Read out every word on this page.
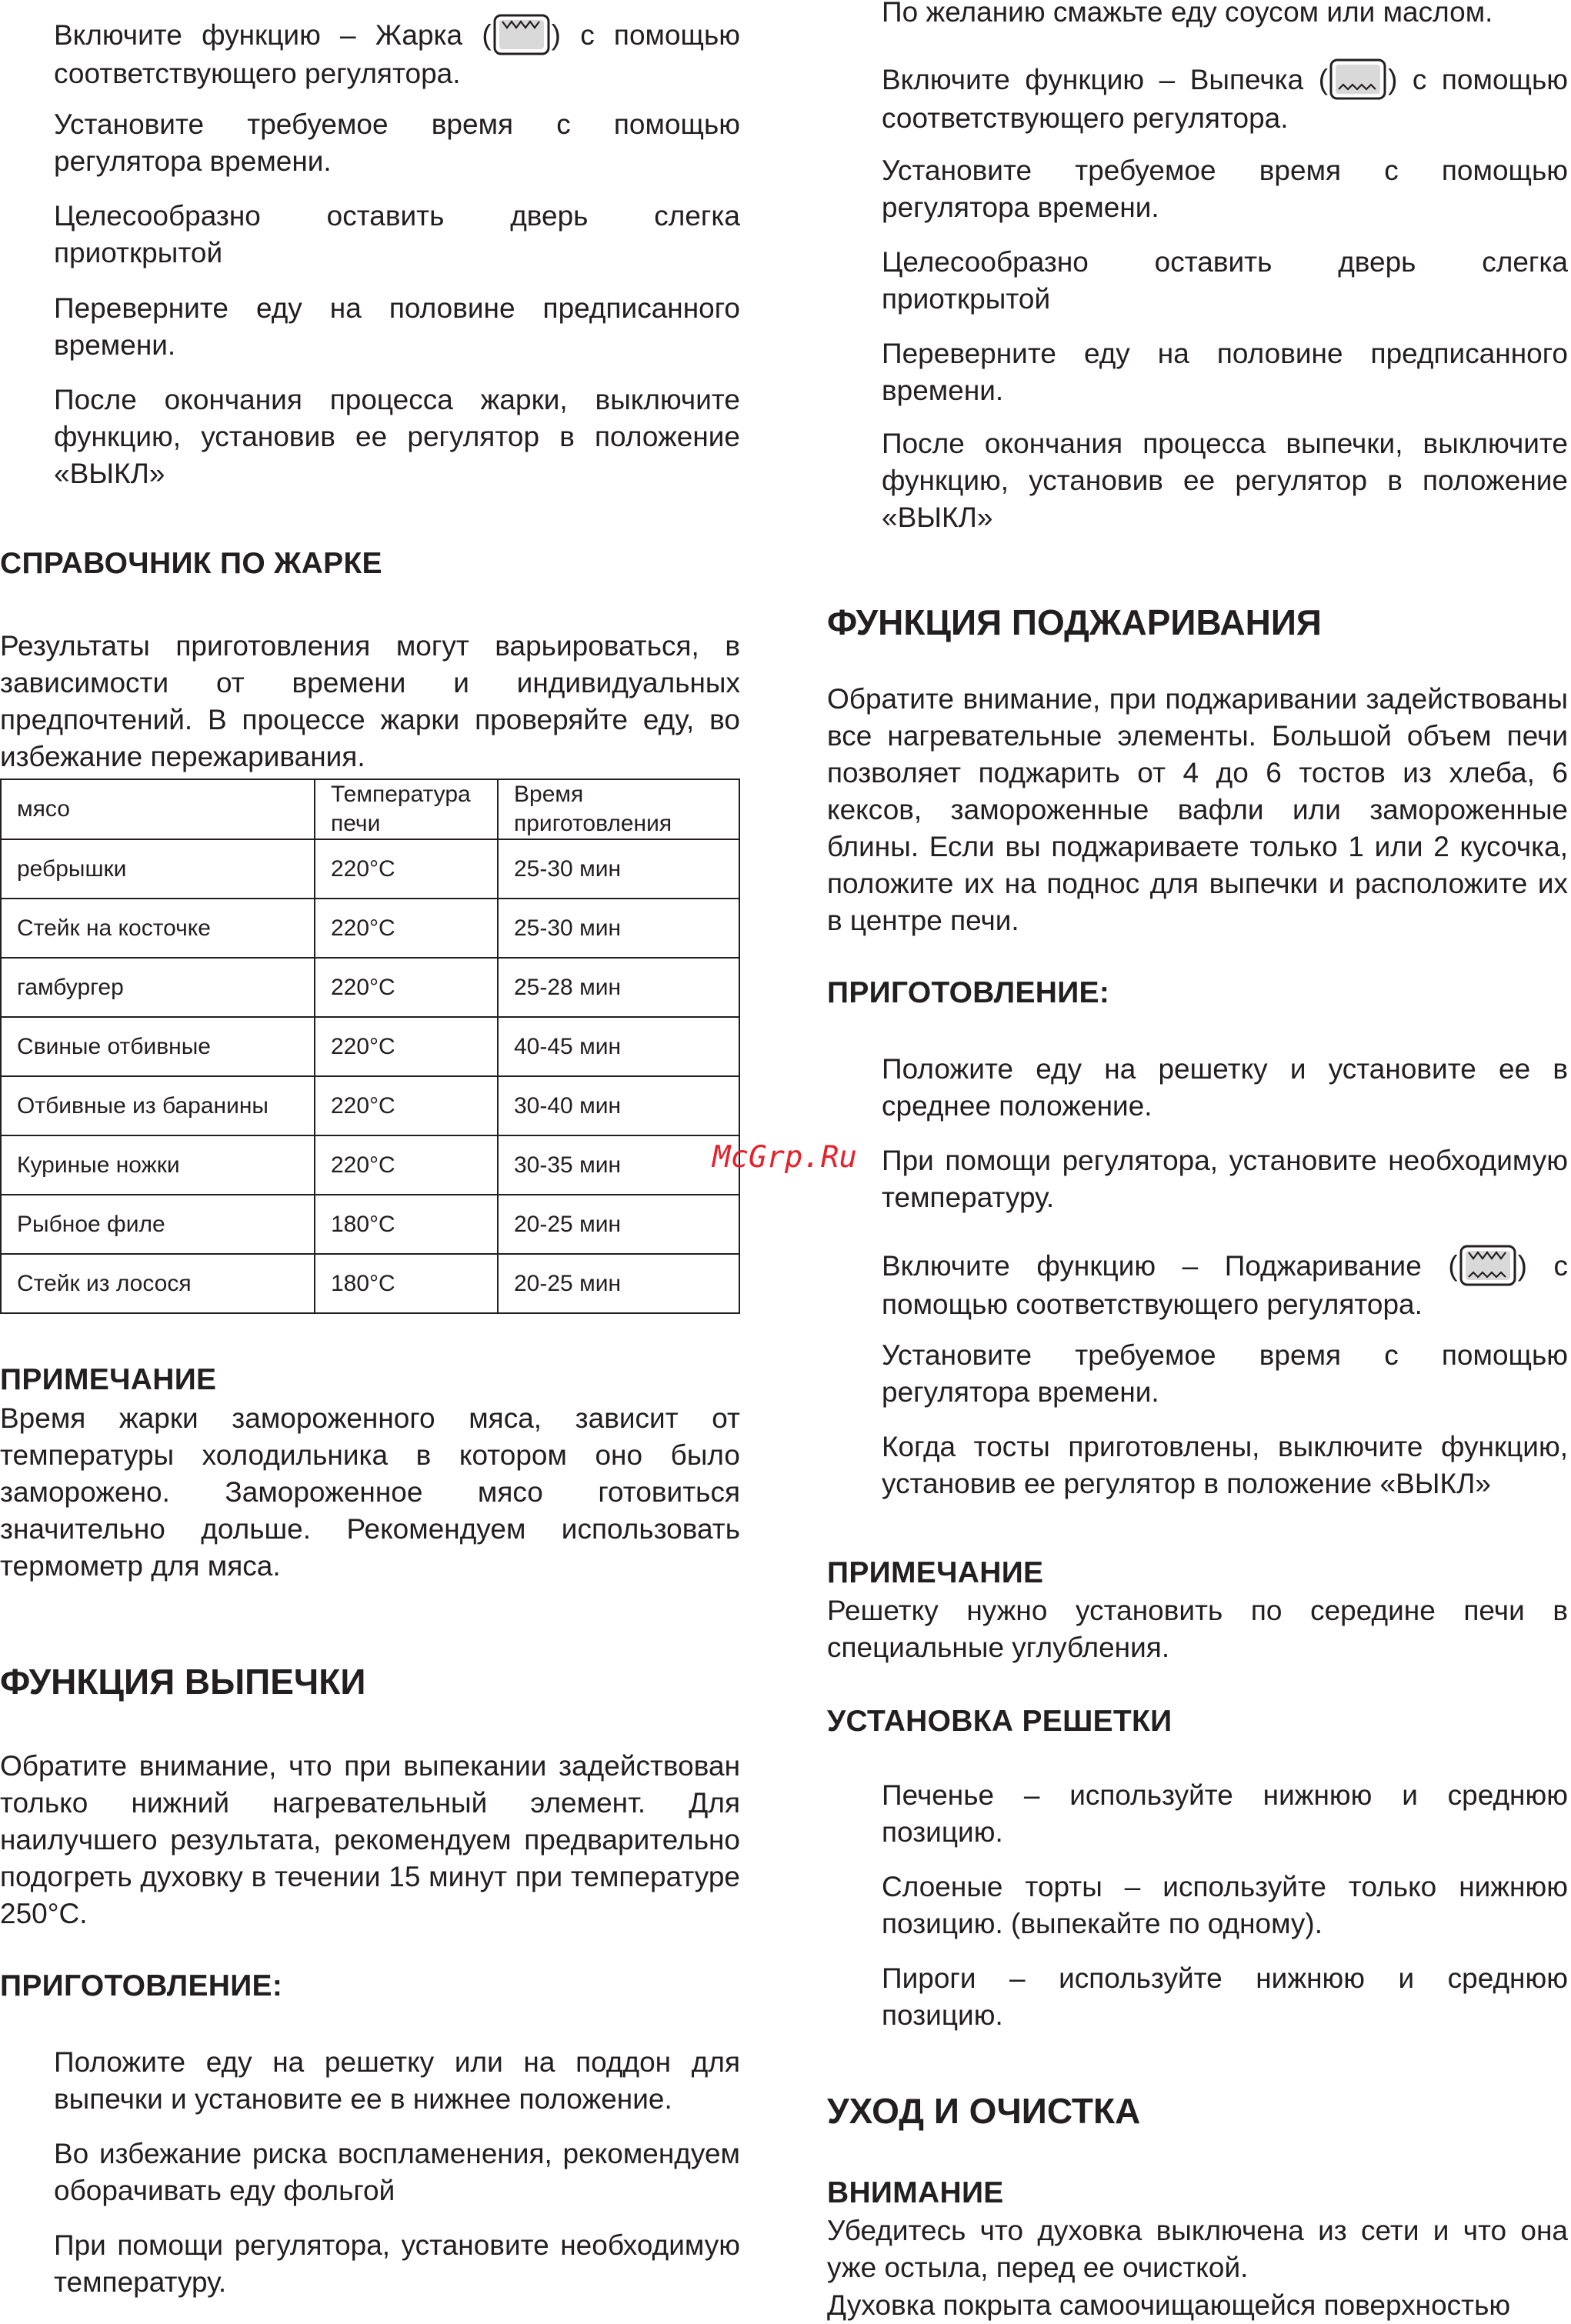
Включите функцию – Жарка ( ) с помощью соответствующего регулятора.

Установите требуемое время с помощью регулятора времени.

Целесообразно оставить дверь слегка приоткрытой

Переверните еду на половине предписанного времени.

После окончания процесса жарки, выключите функцию, установив ее регулятор в положение «ВЫКЛ»

СПРАВОЧНИК ПО ЖАРКЕ

Результаты приготовления могут варьироваться, в зависимости от времени и индивидуальных предпочтений. В процессе жарки проверяйте еду, во избежание пережаривания.

мясо	Температура печи	Время приготовления
ребрышки	220°C	25-30 мин
Стейк на косточке	220°C	25-30 мин
гамбургер	220°C	25-28 мин
Свиные отбивные	220°C	40-45 мин
Отбивные из баранины	220°C	30-40 мин
Куриные ножки	220°C	30-35 мин
Рыбное филе	180°C	20-25 мин
Стейк из лосося	180°C	20-25 мин
ПРИМЕЧАНИЕ

Время жарки замороженного мяса, зависит от температуры холодильника в котором оно было заморожено. Замороженное мясо готовиться значительно дольше. Рекомендуем использовать термометр для мяса.

ФУНКЦИЯ ВЫПЕЧКИ

Обратите внимание, что при выпекании задействован только нижний нагревательный элемент. Для наилучшего результата, рекомендуем предварительно подогреть духовку в течении 15 минут при температуре 250°C.

ПРИГОТОВЛЕНИЕ:

Положите еду на решетку или на поддон для выпечки и установите ее в нижнее положение.

Во избежание риска воспламенения, рекомендуем оборачивать еду фольгой

При помощи регулятора, установите необходимую температуру.

McGrp.Ru

По желанию смажьте еду соусом или маслом.

Включите функцию – Выпечка ( ) с помощью соответствующего регулятора.

Установите требуемое время с помощью регулятора времени.

Целесообразно оставить дверь слегка приоткрытой

Переверните еду на половине предписанного времени.

После окончания процесса выпечки, выключите функцию, установив ее регулятор в положение «ВЫКЛ»

ФУНКЦИЯ ПОДЖАРИВАНИЯ

Обратите внимание, при поджаривании задействованы все нагревательные элементы. Большой объем печи позволяет поджарить от 4 до 6 тостов из хлеба, 6 кексов, замороженные вафли или замороженные блины. Если вы поджариваете только 1 или 2 кусочка, положите их на поднос для выпечки и расположите их в центре печи.

ПРИГОТОВЛЕНИЕ:

Положите еду на решетку и установите ее в среднее положение.

При помощи регулятора, установите необходимую температуру.

Включите функцию – Поджаривание ( ) с помощью соответствующего регулятора.

Установите требуемое время с помощью регулятора времени.

Когда тосты приготовлены, выключите функцию, установив ее регулятор в положение «ВЫКЛ»

ПРИМЕЧАНИЕ

Решетку нужно установить по середине печи в специальные углубления.

УСТАНОВКА РЕШЕТКИ

Печенье – используйте нижнюю и среднюю позицию.

Слоеные торты – используйте только нижнюю позицию. (выпекайте по одному).

Пироги – используйте нижнюю и среднюю позицию.

УХОД И ОЧИСТКА
ВНИМАНИЕ

Убедитесь что духовка выключена из сети и что она уже остыла, перед ее очисткой.

Духовка покрыта самоочищающейся поверхностью
